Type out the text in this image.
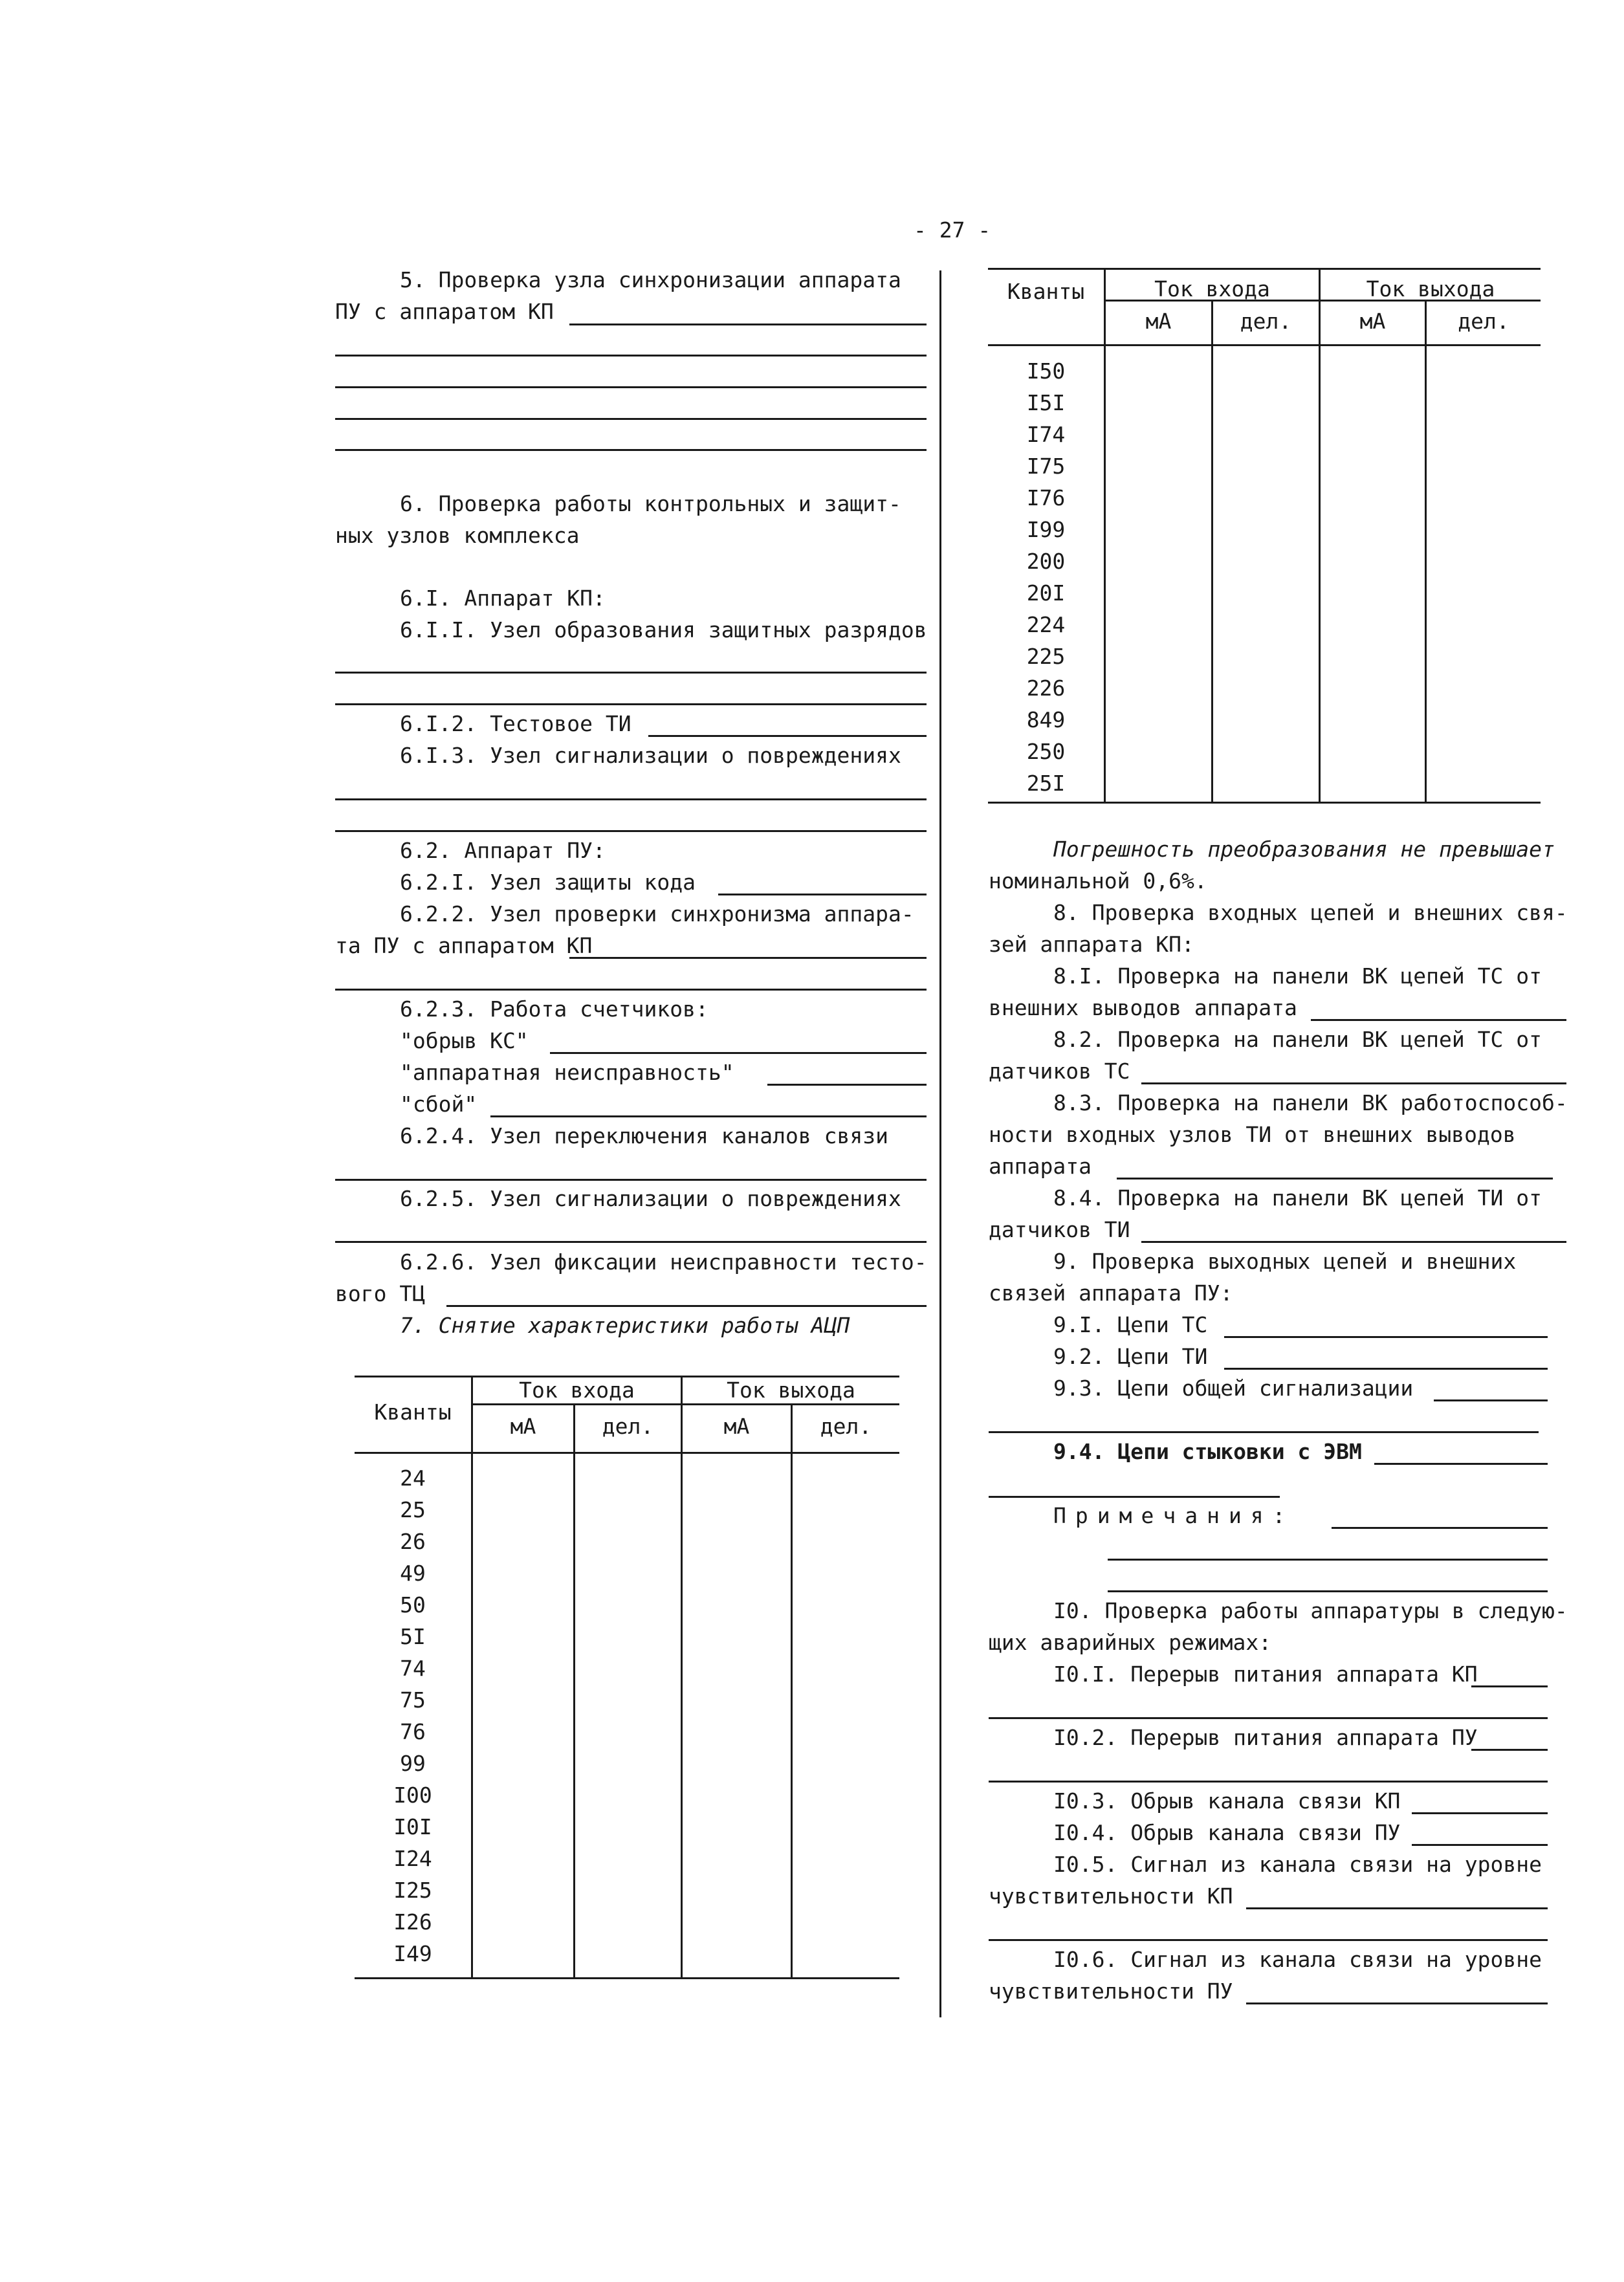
- 27 -
5. Проверка узла синхронизации аппарата
ПУ с аппаратом КП
6. Проверка работы контрольных и защит-
ных узлов комплекса
6.I. Аппарат КП:
6.I.I. Узел образования защитных разрядов
6.I.2. Тестовое ТИ
6.I.3. Узел сигнализации о повреждениях
6.2. Аппарат ПУ:
6.2.I. Узел защиты кода
6.2.2. Узел проверки синхронизма аппара-
та ПУ с аппаратом КП
6.2.3. Работа счетчиков:
"обрыв КС"
"аппаратная неисправность"
"сбой"
6.2.4. Узел переключения каналов связи
6.2.5. Узел сигнализации о повреждениях
6.2.6. Узел фиксации неисправности тесто-
вого ТЦ
7. Снятие характеристики работы АЦП
Кванты
Ток входа	Ток выхода
мА	дел.	мА	дел.
24
25
26
49
50
5I
74
75
76
99
I00
I0I
I24
I25
I26
I49
Кванты	Ток входа	Ток выхода
мА	дел.	мА	дел.
I50
I5I
I74
I75
I76
I99
200
20I
224
225
226
849
250
25I
Погрешность преобразования не превышает
номинальной 0,6%.
8. Проверка входных цепей и внешних свя-
зей аппарата КП:
8.I. Проверка на панели ВК цепей ТС от
внешних выводов аппарата
8.2. Проверка на панели ВК цепей ТС от
датчиков ТС
8.3. Проверка на панели ВК работоспособ-
ности входных узлов ТИ от внешних выводов
аппарата
8.4. Проверка на панели ВК цепей ТИ от
датчиков ТИ
9. Проверка выходных цепей и внешних
связей аппарата ПУ:
9.I. Цепи ТС
9.2. Цепи ТИ
9.3. Цепи общей сигнализации
9.4. Цепи стыковки с ЭВМ
Примечания:
I0. Проверка работы аппаратуры в следую-
щих аварийных режимах:
I0.I. Перерыв питания аппарата КП
I0.2. Перерыв питания аппарата ПУ
I0.3. Обрыв канала связи КП
I0.4. Обрыв канала связи ПУ
I0.5. Сигнал из канала связи на уровне
чувствительности КП
I0.6. Сигнал из канала связи на уровне
чувствительности ПУ
